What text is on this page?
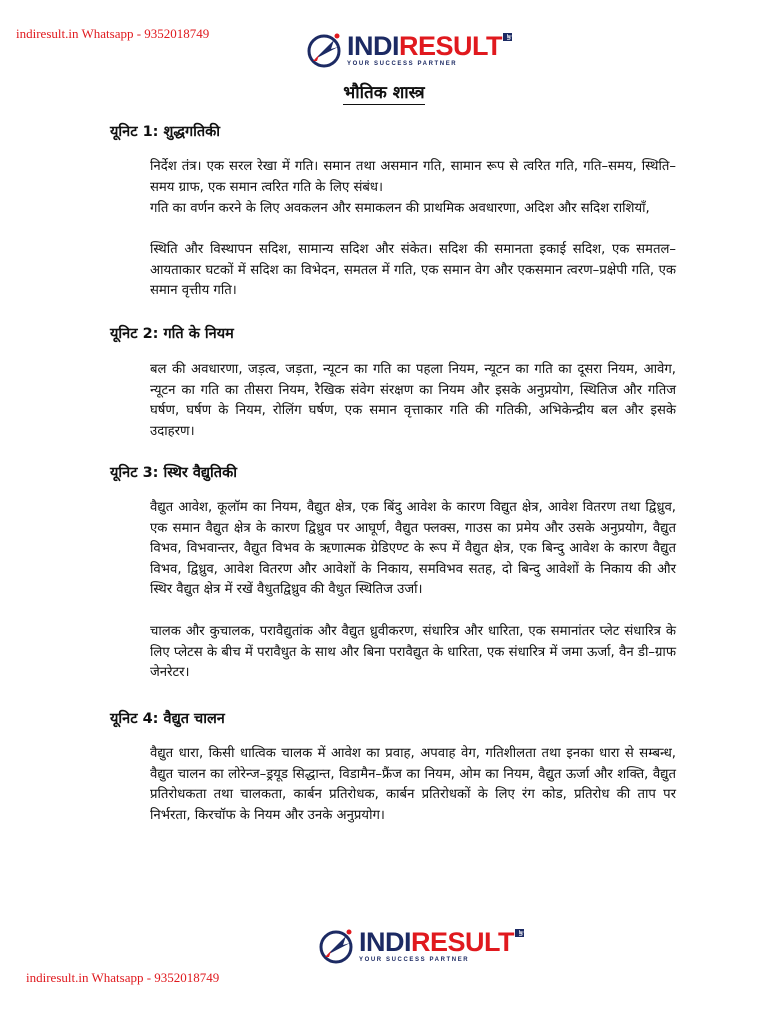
indiresult.in Whatsapp - 9352018749
indiresult.in Whatsapp - 9352018749
INDIRESULT .in
YOUR SUCCESS PARTNER
भौतिक शास्त्र
यूनिट 1: शुद्धगतिकी

निर्देश तंत्र। एक सरल रेखा में गति। समान तथा असमान गति, सामान रूप से त्वरित गति, गति–समय, स्थिति–समय ग्राफ, एक समान त्वरित गति के लिए संबंध।

गति का वर्णन करने के लिए अवकलन और समाकलन की प्राथमिक अवधारणा, अदिश और सदिश राशियाँ,

स्थिति और विस्थापन सदिश, सामान्य सदिश और संकेत। सदिश की समानता इकाई सदिश, एक समतल–आयताकार घटकों में सदिश का विभेदन, समतल में गति, एक समान वेग और एकसमान त्वरण–प्रक्षेपी गति, एक समान वृत्तीय गति।

यूनिट 2: गति के नियम

बल की अवधारणा, जड़त्व, जड़ता, न्यूटन का गति का पहला नियम, न्यूटन का गति का दूसरा नियम, आवेग, न्यूटन का गति का तीसरा नियम, रैखिक संवेग संरक्षण का नियम और इसके अनुप्रयोग, स्थितिज और गतिज घर्षण, घर्षण के नियम, रोलिंग घर्षण, एक समान वृत्ताकार गति की गतिकी, अभिकेन्द्रीय बल और इसके उदाहरण।

यूनिट 3: स्थिर वैद्युतिकी

वैद्युत आवेश, कूलॉम का नियम, वैद्युत क्षेत्र, एक बिंदु आवेश के कारण विद्युत क्षेत्र, आवेश वितरण तथा द्विध्रुव, एक समान वैद्युत क्षेत्र के कारण द्विध्रुव पर आघूर्ण, वैद्युत फ्लक्स, गाउस का प्रमेय और उसके अनुप्रयोग, वैद्युत विभव, विभवान्तर, वैद्युत विभव के ऋणात्मक ग्रेडिएण्ट के रूप में वैद्युत क्षेत्र, एक बिन्दु आवेश के कारण वैद्युत विभव, द्विध्रुव, आवेश वितरण और आवेशों के निकाय, समविभव सतह, दो बिन्दु आवेशों के निकाय की और स्थिर वैद्युत क्षेत्र में रखें वैधुतद्विध्रुव की वैधुत स्थितिज उर्जा।

चालक और कुचालक, परावैद्युतांक और वैद्युत ध्रुवीकरण, संधारित्र और धारिता, एक समानांतर प्लेट संधारित्र के लिए प्लेटस के बीच में परावैधुत के साथ और बिना परावैद्युत के धारिता, एक संधारित्र में जमा ऊर्जा, वैन डी–ग्राफ जेनरेटर।

यूनिट 4: वैद्युत चालन

वैद्युत धारा, किसी धात्विक चालक में आवेश का प्रवाह, अपवाह वेग, गतिशीलता तथा इनका धारा से सम्बन्ध, वैद्युत चालन का लोरेन्ज–ड्रयूड सिद्धान्त, विडामैन–फ्रैंज का नियम, ओम का नियम, वैद्युत ऊर्जा और शक्ति, वैद्युत प्रतिरोधकता तथा चालकता, कार्बन प्रतिरोधक, कार्बन प्रतिरोधकों के लिए रंग कोड, प्रतिरोध की ताप पर निर्भरता, किरचॉफ के नियम और उनके अनुप्रयोग।

INDIRESULT .in
YOUR SUCCESS PARTNER
